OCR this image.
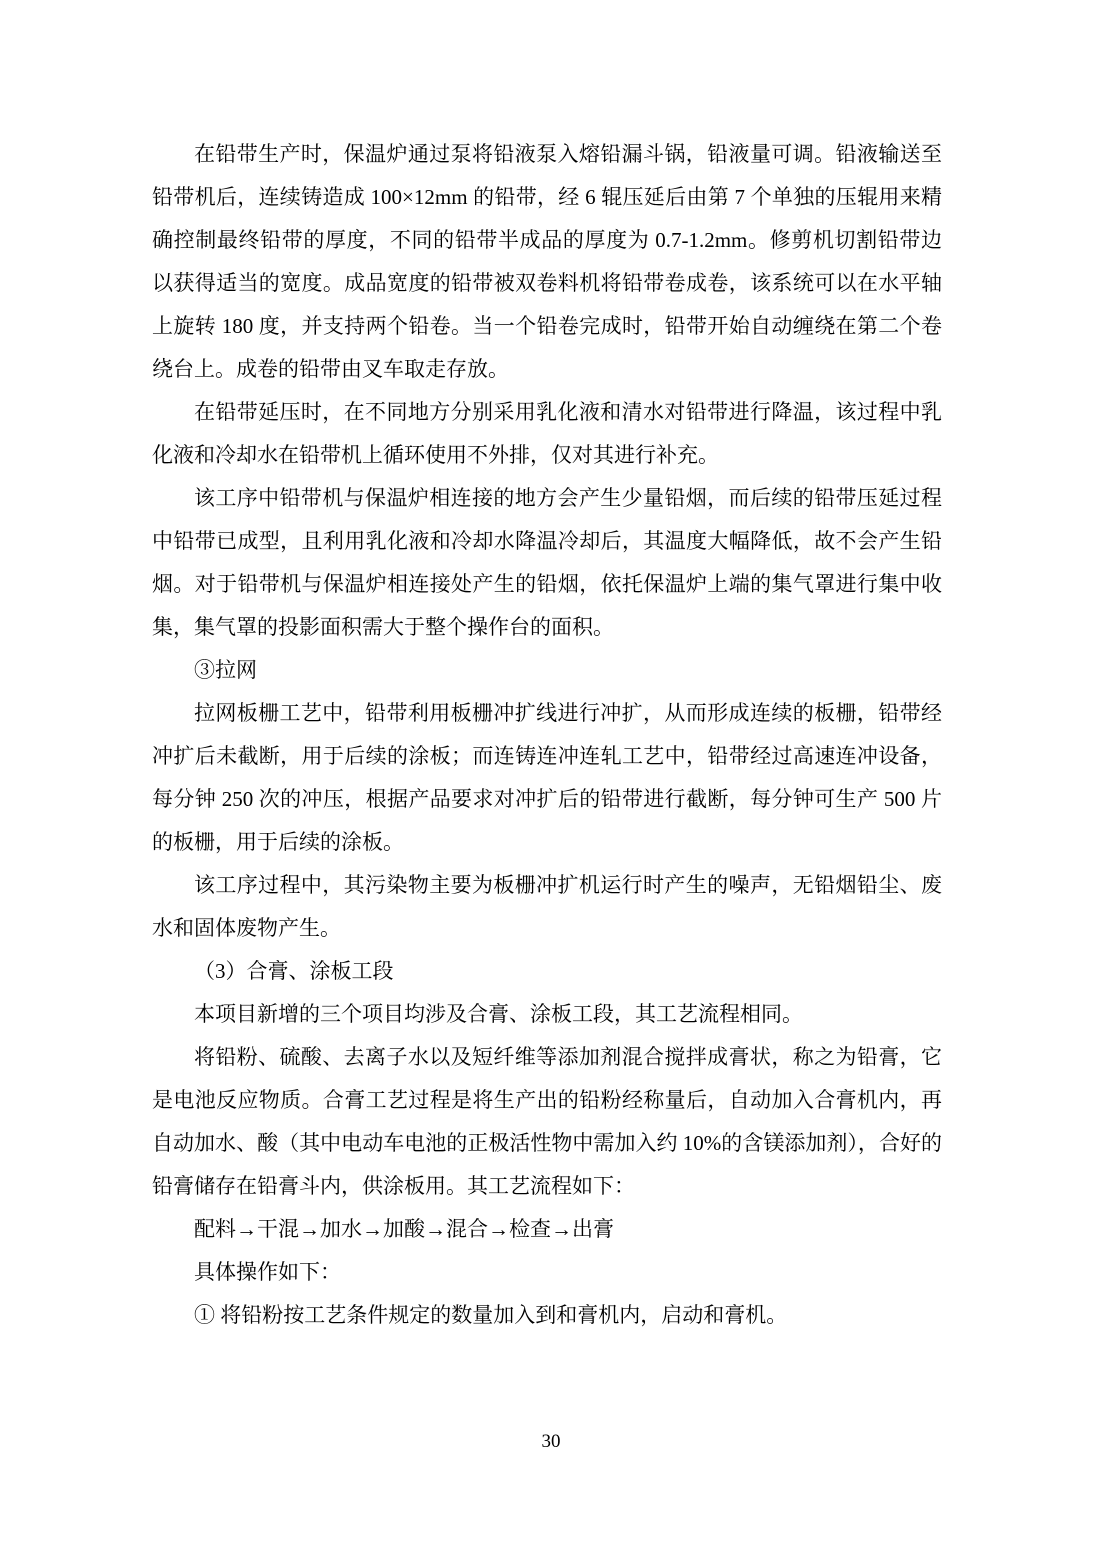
在铅带生产时，保温炉通过泵将铅液泵入熔铅漏斗锅，铅液量可调。铅液输送至铅带机后，连续铸造成 100×12mm 的铅带，经 6 辊压延后由第 7 个单独的压辊用来精确控制最终铅带的厚度，不同的铅带半成品的厚度为 0.7-1.2mm。修剪机切割铅带边以获得适当的宽度。成品宽度的铅带被双卷料机将铅带卷成卷，该系统可以在水平轴上旋转 180 度，并支持两个铅卷。当一个铅卷完成时，铅带开始自动缠绕在第二个卷绕台上。成卷的铅带由叉车取走存放。

在铅带延压时，在不同地方分别采用乳化液和清水对铅带进行降温，该过程中乳化液和冷却水在铅带机上循环使用不外排，仅对其进行补充。

该工序中铅带机与保温炉相连接的地方会产生少量铅烟，而后续的铅带压延过程中铅带已成型，且利用乳化液和冷却水降温冷却后，其温度大幅降低，故不会产生铅烟。对于铅带机与保温炉相连接处产生的铅烟，依托保温炉上端的集气罩进行集中收集，集气罩的投影面积需大于整个操作台的面积。

③拉网

拉网板栅工艺中，铅带利用板栅冲扩线进行冲扩，从而形成连续的板栅，铅带经冲扩后未截断，用于后续的涂板；而连铸连冲连轧工艺中，铅带经过高速连冲设备，每分钟 250 次的冲压，根据产品要求对冲扩后的铅带进行截断，每分钟可生产 500 片的板栅，用于后续的涂板。

该工序过程中，其污染物主要为板栅冲扩机运行时产生的噪声，无铅烟铅尘、废水和固体废物产生。

（3）合膏、涂板工段

本项目新增的三个项目均涉及合膏、涂板工段，其工艺流程相同。

将铅粉、硫酸、去离子水以及短纤维等添加剂混合搅拌成膏状，称之为铅膏，它是电池反应物质。合膏工艺过程是将生产出的铅粉经称量后，自动加入合膏机内，再自动加水、酸（其中电动车电池的正极活性物中需加入约 10%的含镁添加剂），合好的铅膏储存在铅膏斗内，供涂板用。其工艺流程如下：

配料→干混→加水→加酸→混合→检查→出膏

具体操作如下：

① 将铅粉按工艺条件规定的数量加入到和膏机内，启动和膏机。

30
